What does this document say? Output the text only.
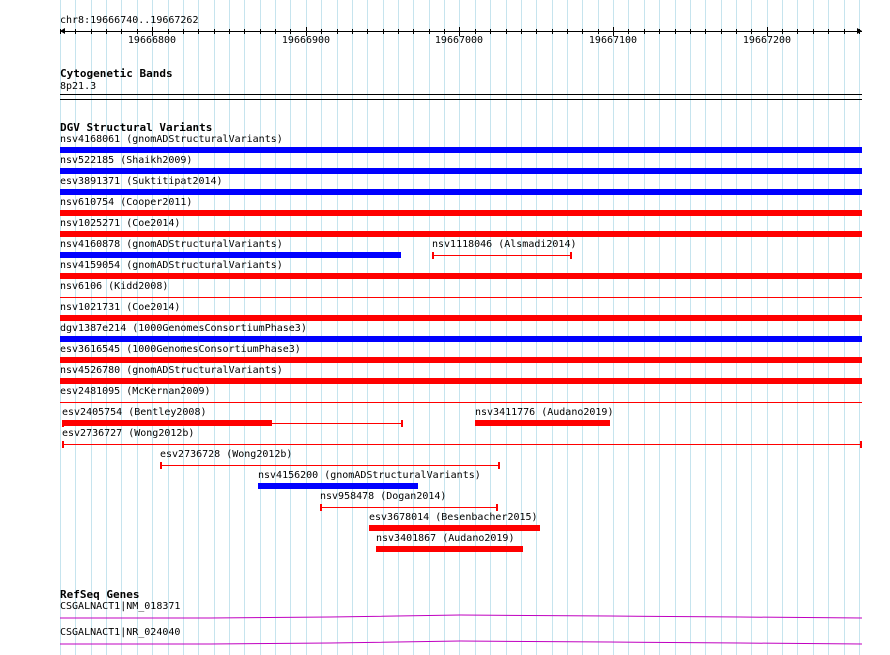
chr8:19666740..19667262
19666800	19666900	19667000	19667100	19667200
Cytogenetic Bands
8p21.3
DGV Structural Variants
nsv4168061 (gnomADStructuralVariants)
nsv522185 (Shaikh2009)
esv3891371 (Suktitipat2014)
nsv610754 (Cooper2011)
nsv1025271 (Coe2014)
nsv4160878 (gnomADStructuralVariants)	nsv1118046 (Alsmadi2014)
nsv4159054 (gnomADStructuralVariants)
nsv6106 (Kidd2008)
nsv1021731 (Coe2014)
dgv1387e214 (1000GenomesConsortiumPhase3)
esv3616545 (1000GenomesConsortiumPhase3)
nsv4526780 (gnomADStructuralVariants)
esv2481095 (McKernan2009)
esv2405754 (Bentley2008)	nsv3411776 (Audano2019)
esv2736727 (Wong2012b)
esv2736728 (Wong2012b)
nsv4156200 (gnomADStructuralVariants)
nsv958478 (Dogan2014)
esv3678014 (Besenbacher2015)
nsv3401867 (Audano2019)
RefSeq Genes
CSGALNACT1|NM_018371
CSGALNACT1|NR_024040
